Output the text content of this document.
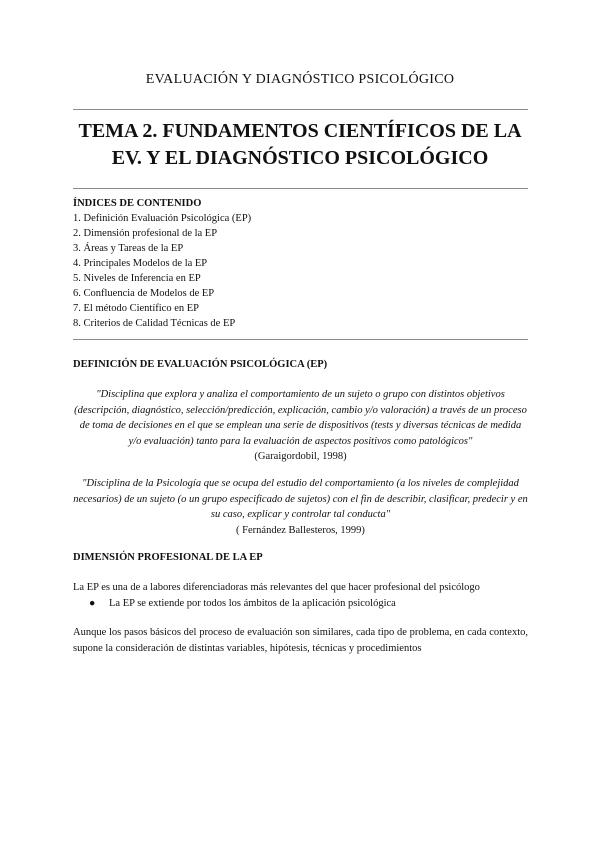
EVALUACIÓN Y DIAGNÓSTICO PSICOLÓGICO
TEMA 2. FUNDAMENTOS CIENTÍFICOS DE LA
EV. Y EL DIAGNÓSTICO PSICOLÓGICO
ÍNDICES DE CONTENIDO
1. Definición Evaluación Psicológica (EP)
2. Dimensión profesional de la EP
3. Áreas y Tareas de la EP
4. Principales Modelos de la EP
5. Niveles de Inferencia en EP
6. Confluencia de Modelos de EP
7. El método Científico en EP
8. Criterios de Calidad Técnicas de EP
DEFINICIÓN DE EVALUACIÓN PSICOLÓGICA (EP)
"Disciplina que explora y analiza el comportamiento de un sujeto o grupo con distintos objetivos (descripción, diagnóstico, selección/predicción, explicación, cambio y/o valoración) a través de un proceso de toma de decisiones en el que se emplean una serie de dispositivos (tests y diversas técnicas de medida y/o evaluación) tanto para la evaluación de aspectos positivos como patológicos"
(Garaigordobil, 1998)
"Disciplina de la Psicología que se ocupa del estudio del comportamiento (a los niveles de complejidad necesarios) de un sujeto (o un grupo especificado de sujetos) con el fin de describir, clasificar, predecir y en su caso, explicar y controlar tal conducta"
( Fernández Ballesteros, 1999)
DIMENSIÓN PROFESIONAL DE LA EP
La EP es una de a labores diferenciadoras más relevantes del que hacer profesional del psicólogo
● La EP se extiende por todos los ámbitos de la aplicación psicológica
Aunque los pasos básicos del proceso de evaluación son similares, cada tipo de problema, en cada contexto, supone la consideración de distintas variables, hipótesis, técnicas y procedimientos
